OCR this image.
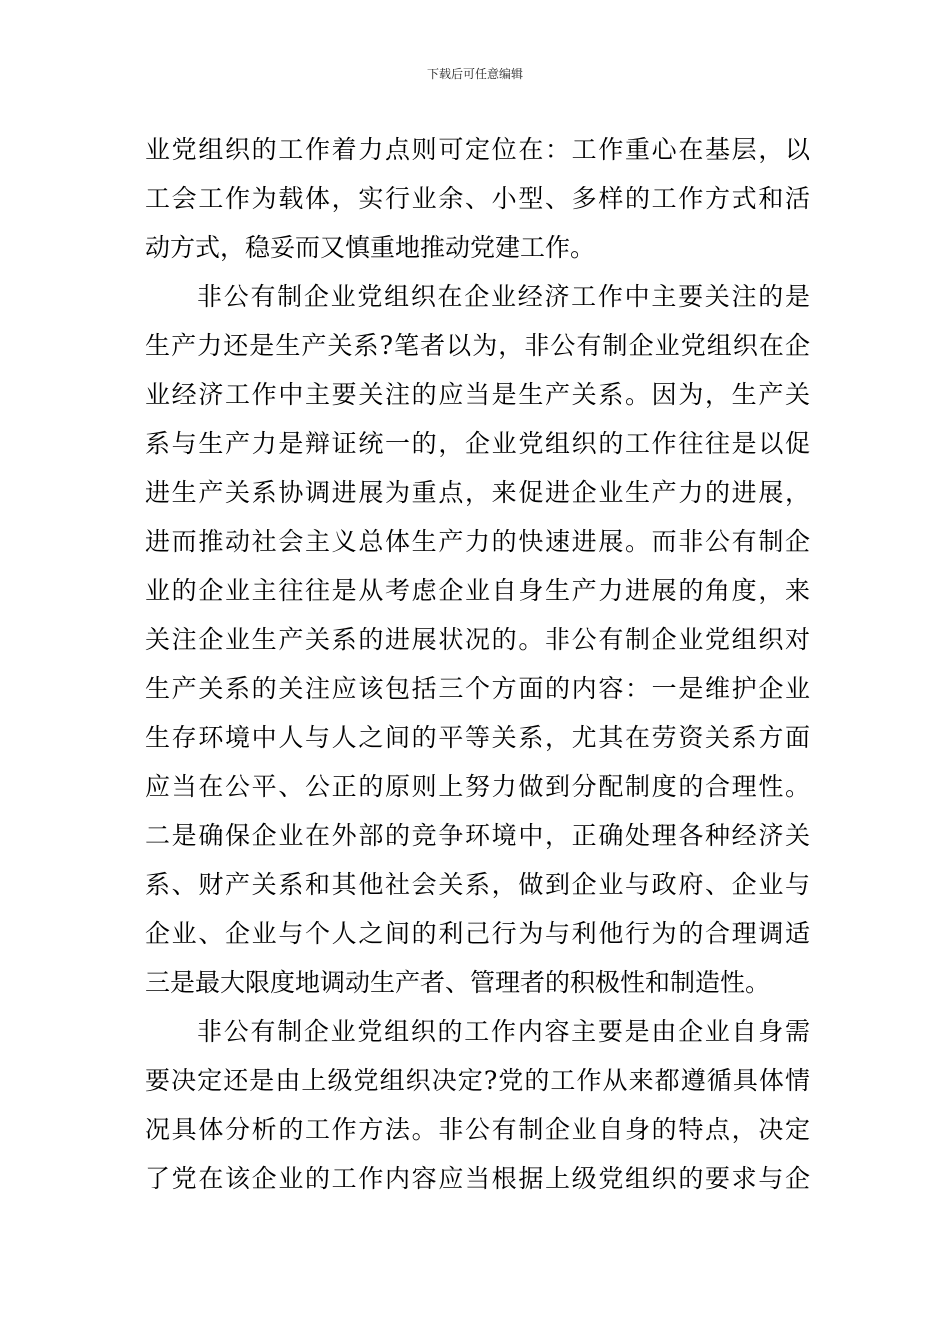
下载后可任意编辑
业党组织的工作着力点则可定位在：工作重心在基层，以
工会工作为载体，实行业余、小型、多样的工作方式和活
动方式，稳妥而又慎重地推动党建工作。
非公有制企业党组织在企业经济工作中主要关注的是
生产力还是生产关系?笔者以为，非公有制企业党组织在企
业经济工作中主要关注的应当是生产关系。因为，生产关
系与生产力是辩证统一的，企业党组织的工作往往是以促
进生产关系协调进展为重点，来促进企业生产力的进展，
进而推动社会主义总体生产力的快速进展。而非公有制企
业的企业主往往是从考虑企业自身生产力进展的角度，来
关注企业生产关系的进展状况的。非公有制企业党组织对
生产关系的关注应该包括三个方面的内容：一是维护企业
生存环境中人与人之间的平等关系，尤其在劳资关系方面
应当在公平、公正的原则上努力做到分配制度的合理性。
二是确保企业在外部的竞争环境中，正确处理各种经济关
系、财产关系和其他社会关系，做到企业与政府、企业与
企业、企业与个人之间的利己行为与利他行为的合理调适
三是最大限度地调动生产者、管理者的积极性和制造性。
非公有制企业党组织的工作内容主要是由企业自身需
要决定还是由上级党组织决定?党的工作从来都遵循具体情
况具体分析的工作方法。非公有制企业自身的特点，决定
了党在该企业的工作内容应当根据上级党组织的要求与企
